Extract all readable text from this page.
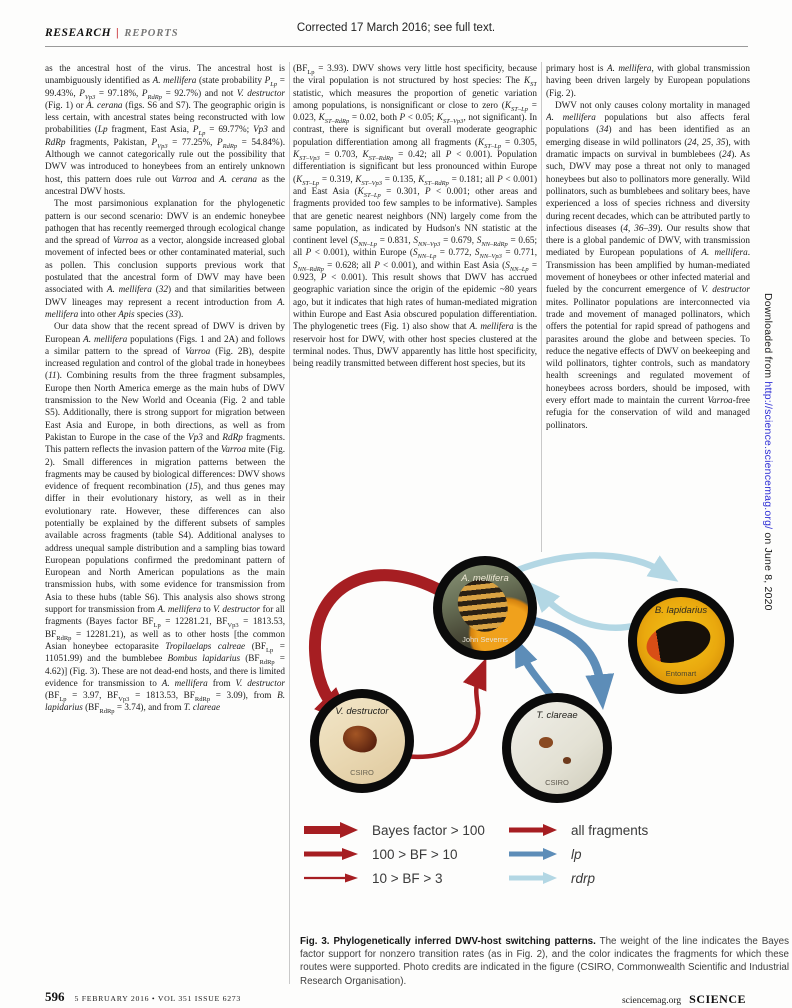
Corrected 17 March 2016; see full text.
RESEARCH | REPORTS

as the ancestral host of the virus. The ancestral host is unambiguously identified as A. mellifera (state probability $P_{Lp} = 99.43\%$, $P_{Vp3} = 97.18\%$, $P_{RdRp} = 92.7\%$) and not V. destructor (Fig. 1) or A. cerana (figs. S6 and S7). The geographic origin is less certain, with ancestral states being reconstructed with low probabilities (Lp fragment, East Asia, $P_{Lp} = 69.77\%$; Vp3 and RdRp fragments, Pakistan, $P_{Vp3} = 77.25\%$, $P_{RdRp} = 54.84\%$). Although we cannot categorically rule out the possibility that DWV was introduced to honeybees from an entirely unknown host, this pattern does rule out Varroa and A. cerana as the ancestral DWV hosts.

The most parsimonious explanation for the phylogenetic pattern is our second scenario: DWV is an endemic honeybee pathogen that has recently reemerged through ecological change and the spread of Varroa as a vector, alongside increased global movement of infected bees or other contaminated material, such as pollen. This conclusion supports previous work that postulated that the ancestral form of DWV may have been associated with A. mellifera (32) and that similarities between DWV lineages may represent a recent introduction from A. mellifera into other Apis species (33).

Our data show that the recent spread of DWV is driven by European A. mellifera populations (Figs. 1 and 2A) and follows a similar pattern to the spread of Varroa (Fig. 2B), despite increased regulation and control of the global trade in honeybees (11). Combining results from the three fragment subsamples, Europe then North America emerge as the main hubs of DWV transmission to the New World and Oceania (Fig. 2 and table S5). Additionally, there is strong support for migration between East Asia and Europe, in both directions, as well as from Pakistan to Europe in the case of the Vp3 and RdRp fragments. This pattern reflects the invasion pattern of the Varroa mite (Fig. 2). Small differences in migration patterns between the fragments may be caused by biological differences: DWV shows evidence of frequent recombination (15), and thus genes may differ in their evolutionary history, as well as in their evolutionary rate. However, these differences can also potentially be explained by the different subsets of samples available across fragments (table S4). Additional analyses to address unequal sample distribution and a sampling bias toward European populations confirmed the predominant pattern of European and North American populations as the main transmission hubs, with some evidence for transmission from Asia to these hubs (table S6). This analysis also shows strong support for transmission from A. mellifera to V. destructor for all fragments (Bayes factor $BF_{Lp} = 12281.21$, $BF_{Vp3} = 1813.53$, $BF_{RdRp} = 12281.21$), as well as to other hosts [the common Asian honeybee ectoparasite Tropilaelaps calreae $(BF_{Lp} = 11051.99)$ and the bumblebee Bombus lapidarius $(BF_{RdRp} = 4.62)$] (Fig. 3). These are not dead-end hosts, and there is limited evidence for transmission to A. mellifera from V. destructor ($BF_{Lp} = 3.97$, $BF_{Vp3} = 1813.53$, $BF_{RdRp} = 3.09$), from B. lapidarius $(BF_{RdRp} = 3.74)$, and from T. clareae

$(BF_{Lp} = 3.93)$. DWV shows very little host specificity, because the viral population is not structured by host species: The $K_{ST}$ statistic, which measures the proportion of genetic variation among populations, is nonsignificant or close to zero ($K_{ST-Lp} = 0.023$, $K_{ST-RdRp} = 0.02$, both P < 0.05; $K_{ST-Vp3}$, not significant). In contrast, there is significant but overall moderate geographic population differentiation among all fragments ($K_{ST-Lp} = 0.305$, $K_{ST-Vp3} = 0.703$, $K_{ST-RdRp} = 0.42$; all P < 0.001). Population differentiation is significant but less pronounced within Europe ($K_{ST-Lp} = 0.319$, $K_{ST-Vp3} = 0.135$, $K_{ST-RdRp} = 0.181$; all P < 0.001) and East Asia ($K_{ST-Lp} = 0.301$, P < 0.001; other areas and fragments provided too few samples to be informative). Samples that are genetic nearest neighbors (NN) largely come from the same population, as indicated by Hudson's NN statistic at the continent level ($S_{NN-Lp} = 0.831$, $S_{NN-Vp3} = 0.679$, $S_{NN-RdRp} = 0.65$; all P < 0.001), within Europe ($S_{NN-Lp} = 0.772$, $S_{NN-Vp3} = 0.771$, $S_{NN-RdRp} = 0.628$; all P < 0.001), and within East Asia ($S_{NN-Lp} = 0.923$, P < 0.001). This result shows that DWV has accrued geographic variation since the origin of the epidemic ~80 years ago, but it indicates that high rates of human-mediated migration within Europe and East Asia obscured population differentiation. The phylogenetic trees (Fig. 1) also show that A. mellifera is the reservoir host for DWV, with other host species clustered at the terminal nodes. Thus, DWV apparently has little host specificity, being readily transmitted between different host species, but its

primary host is A. mellifera, with global transmission having been driven largely by European populations (Fig. 2).

DWV not only causes colony mortality in managed A. mellifera populations but also affects feral populations (34) and has been identified as an emerging disease in wild pollinators (24, 25, 35), with dramatic impacts on survival in bumblebees (24). As such, DWV may pose a threat not only to managed honeybees but also to pollinators more generally. Wild pollinators, such as bumblebees and solitary bees, have experienced a loss of species richness and diversity during recent decades, which can be attributed partly to infectious diseases (4, 36–39). Our results show that there is a global pandemic of DWV, with transmission mediated by European populations of A. mellifera. Transmission has been amplified by human-mediated movement of honeybees or other infected material and fueled by the concurrent emergence of V. destructor mites. Pollinator populations are interconnected via trade and movement of managed pollinators, which offers the potential for rapid spread of pathogens and parasites around the globe and between species. To reduce the negative effects of DWV on beekeeping and wild pollinators, tighter controls, such as mandatory health screenings and regulated movement of honeybees across borders, should be imposed, with every effort made to maintain the current Varroa-free refugia for the conservation of wild and managed pollinators.

Downloaded from http://science.sciencemag.org/ on June 8, 2020
A. mellifera
John Severns
B. lapidarius
Entomart
V. destructor
CSIRO
T. clareae
CSIRO
Bayes factor > 100
100 > BF > 10
10 > BF > 3
all fragments
lp
rdrp
Fig. 3. Phylogenetically inferred DWV-host switching patterns. The weight of the line indicates the Bayes factor support for nonzero transition rates (as in Fig. 2), and the color indicates the fragments for which these routes were supported. Photo credits are indicated in the figure (CSIRO, Commonwealth Scientific and Industrial Research Organisation).
596 5 FEBRUARY 2016 • VOL 351 ISSUE 6273	sciencemag.org SCIENCE
